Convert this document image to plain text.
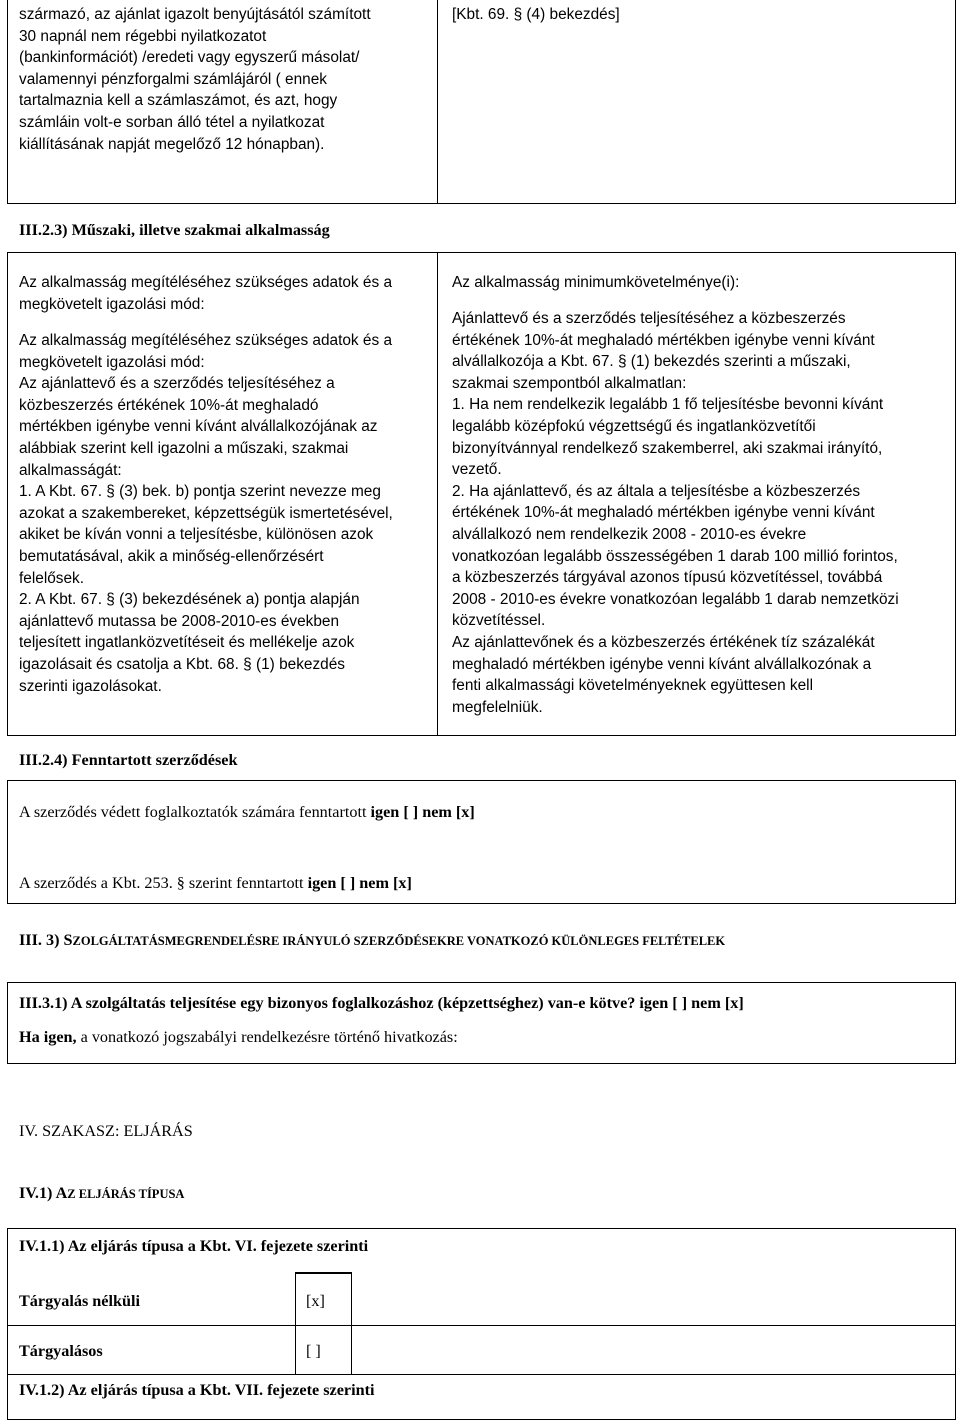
származó, az ajánlat igazolt benyújtásától számított
30 napnál nem régebbi nyilatkozatot
(bankinformációt) /eredeti vagy egyszerű másolat/
valamennyi pénzforgalmi számlájáról ( ennek
tartalmaznia kell a számlaszámot, és azt, hogy
számláin volt-e sorban álló tétel a nyilatkozat
kiállításának napját megelőző 12 hónapban).
[Kbt. 69. § (4) bekezdés]
III.2.3) Műszaki, illetve szakmai alkalmasság
Az alkalmasság megítéléséhez szükséges adatok és a
megkövetelt igazolási mód:
Az alkalmasság megítéléséhez szükséges adatok és a
megkövetelt igazolási mód:
Az ajánlattevő és a szerződés teljesítéséhez a
közbeszerzés értékének 10%-át meghaladó
mértékben igénybe venni kívánt alvállalkozójának az
alábbiak szerint kell igazolni a műszaki, szakmai
alkalmasságát:
1. A Kbt. 67. § (3) bek. b) pontja szerint nevezze meg
azokat a szakembereket, képzettségük ismertetésével,
akiket be kíván vonni a teljesítésbe, különösen azok
bemutatásával, akik a minőség-ellenőrzésért
felelősek.
2. A Kbt. 67. § (3) bekezdésének a) pontja alapján
ajánlattevő mutassa be 2008-2010-es években
teljesített ingatlanközvetítéseit és mellékelje azok
igazolásait és csatolja a Kbt. 68. § (1) bekezdés
szerinti igazolásokat.
Az alkalmasság minimumkövetelménye(i):
Ajánlattevő és a szerződés teljesítéséhez a közbeszerzés
értékének 10%-át meghaladó mértékben igénybe venni kívánt
alvállalkozója a Kbt. 67. § (1) bekezdés szerinti a műszaki,
szakmai szempontból alkalmatlan:
1. Ha nem rendelkezik legalább 1 fő teljesítésbe bevonni kívánt
legalább középfokú végzettségű és ingatlanközvetítői
bizonyítvánnyal rendelkező szakemberrel, aki szakmai irányító,
vezető.
2. Ha ajánlattevő, és az általa a teljesítésbe a közbeszerzés
értékének 10%-át meghaladó mértékben igénybe venni kívánt
alvállalkozó nem rendelkezik 2008 - 2010-es évekre
vonatkozóan legalább összességében 1 darab 100 millió forintos,
a közbeszerzés tárgyával azonos típusú közvetítéssel, továbbá
2008 - 2010-es évekre vonatkozóan legalább 1 darab nemzetközi
közvetítéssel.
Az ajánlattevőnek és a közbeszerzés értékének tíz százalékát
meghaladó mértékben igénybe venni kívánt alvállalkozónak a
fenti alkalmassági követelményeknek együttesen kell
megfelelniük.
III.2.4) Fenntartott szerződések
A szerződés védett foglalkoztatók számára fenntartott igen [ ] nem [x]
A szerződés a Kbt. 253. § szerint fenntartott igen [ ] nem [x]
III. 3) SZOLGÁLTATÁSMEGRENDELÉSRE IRÁNYULÓ SZERZŐDÉSEKRE VONATKOZÓ KÜLÖNLEGES FELTÉTELEK
III.3.1) A szolgáltatás teljesítése egy bizonyos foglalkozáshoz (képzettséghez) van-e kötve? igen [ ] nem [x]
Ha igen, a vonatkozó jogszabályi rendelkezésre történő hivatkozás:
IV. SZAKASZ: ELJÁRÁS
IV.1) AZ ELJÁRÁS TÍPUSA
IV.1.1) Az eljárás típusa a Kbt. VI. fejezete szerinti
Tárgyalás nélküli	[x]
Tárgyalásos	[ ]
IV.1.2) Az eljárás típusa a Kbt. VII. fejezete szerinti
